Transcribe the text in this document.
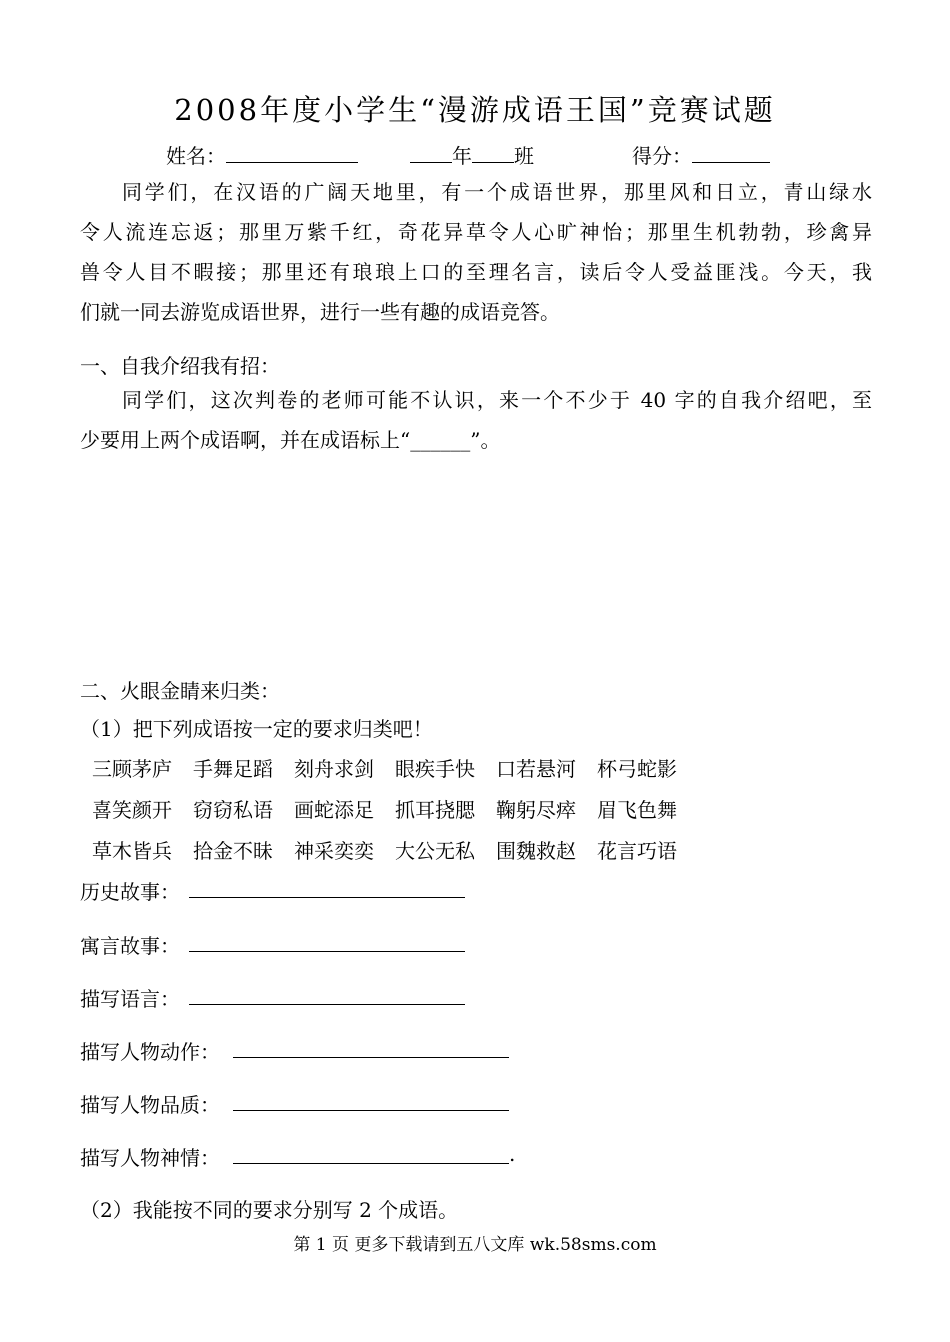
2008年度小学生“漫游成语王国”竞赛试题
姓名：	年 班	得分：
同学们，在汉语的广阔天地里，有一个成语世界，那里风和日立，青山绿水
令人流连忘返；那里万紫千红，奇花异草令人心旷神怡；那里生机勃勃，珍禽异
兽令人目不暇接；那里还有琅琅上口的至理名言，读后令人受益匪浅。今天，我
们就一同去游览成语世界，进行一些有趣的成语竞答。
一、自我介绍我有招：
同学们，这次判卷的老师可能不认识，来一个不少于 40 字的自我介绍吧，至
少要用上两个成语啊，并在成语标上“______”。
二、火眼金睛来归类：
（1）把下列成语按一定的要求归类吧！
三顾茅庐 手舞足蹈 刻舟求剑 眼疾手快 口若悬河 杯弓蛇影
喜笑颜开 窃窃私语 画蛇添足 抓耳挠腮 鞠躬尽瘁 眉飞色舞
草木皆兵 拾金不昧 神采奕奕 大公无私 围魏救赵 花言巧语
历史故事：
寓言故事：
描写语言：
描写人物动作：
描写人物品质：
描写人物神情：	.
（2）我能按不同的要求分别写 2 个成语。
第 1 页 更多下载请到五八文库 wk.58sms.com
